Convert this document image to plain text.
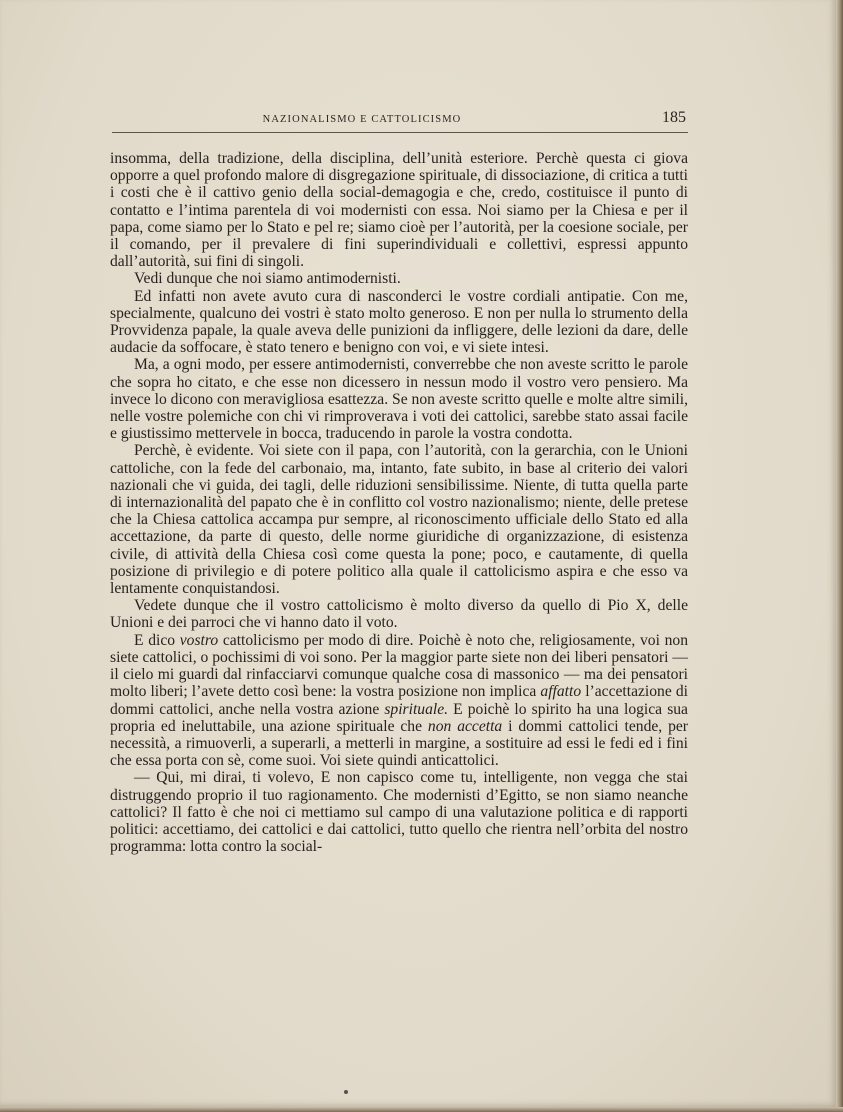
NAZIONALISMO E CATTOLICISMO	185

insomma, della tradizione, della disciplina, dell’unità esteriore. Perchè questa ci giova opporre a quel profondo malore di disgregazione spirituale, di dissociazione, di critica a tutti i costi che è il cattivo genio della social-demagogia e che, credo, costituisce il punto di contatto e l’intima parentela di voi modernisti con essa. Noi siamo per la Chiesa e per il papa, come siamo per lo Stato e pel re; siamo cioè per l’autorità, per la coesione sociale, per il comando, per il prevalere di fini superindividuali e collettivi, espressi appunto dall’autorità, sui fini di singoli.

Vedi dunque che noi siamo antimodernisti.

Ed infatti non avete avuto cura di nasconderci le vostre cordiali antipatie. Con me, specialmente, qualcuno dei vostri è stato molto generoso. E non per nulla lo strumento della Provvidenza papale, la quale aveva delle punizioni da infliggere, delle lezioni da dare, delle audacie da soffocare, è stato tenero e benigno con voi, e vi siete intesi.

Ma, a ogni modo, per essere antimodernisti, converrebbe che non aveste scritto le parole che sopra ho citato, e che esse non dicessero in nessun modo il vostro vero pensiero. Ma invece lo dicono con meravigliosa esattezza. Se non aveste scritto quelle e molte altre simili, nelle vostre polemiche con chi vi rimproverava i voti dei cattolici, sarebbe stato assai facile e giustissimo mettervele in bocca, traducendo in parole la vostra condotta.

Perchè, è evidente. Voi siete con il papa, con l’autorità, con la gerarchia, con le Unioni cattoliche, con la fede del carbonaio, ma, intanto, fate subito, in base al criterio dei valori nazionali che vi guida, dei tagli, delle riduzioni sensibilissime. Niente, di tutta quella parte di internazionalità del papato che è in conflitto col vostro nazionalismo; niente, delle pretese che la Chiesa cattolica accampa pur sempre, al riconoscimento ufficiale dello Stato ed alla accettazione, da parte di questo, delle norme giuridiche di organizzazione, di esistenza civile, di attività della Chiesa così come questa la pone; poco, e cautamente, di quella posizione di privilegio e di potere politico alla quale il cattolicismo aspira e che esso va lentamente conquistandosi.

Vedete dunque che il vostro cattolicismo è molto diverso da quello di Pio X, delle Unioni e dei parroci che vi hanno dato il voto.

E dico vostro cattolicismo per modo di dire. Poichè è noto che, religiosamente, voi non siete cattolici, o pochissimi di voi sono. Per la maggior parte siete non dei liberi pensatori — il cielo mi guardi dal rinfacciarvi comunque qualche cosa di massonico — ma dei pensatori molto liberi; l’avete detto così bene: la vostra posizione non implica affatto l’accettazione di dommi cattolici, anche nella vostra azione spirituale. E poichè lo spirito ha una logica sua propria ed ineluttabile, una azione spirituale che non accetta i dommi cattolici tende, per necessità, a rimuoverli, a superarli, a metterli in margine, a sostituire ad essi le fedi ed i fini che essa porta con sè, come suoi. Voi siete quindi anticattolici.

— Qui, mi dirai, ti volevo, E non capisco come tu, intelligente, non vegga che stai distruggendo proprio il tuo ragionamento. Che modernisti d’Egitto, se non siamo neanche cattolici? Il fatto è che noi ci mettiamo sul campo di una valutazione politica e di rapporti politici: accettiamo, dei cattolici e dai cattolici, tutto quello che rientra nell’orbita del nostro programma: lotta contro la social-
